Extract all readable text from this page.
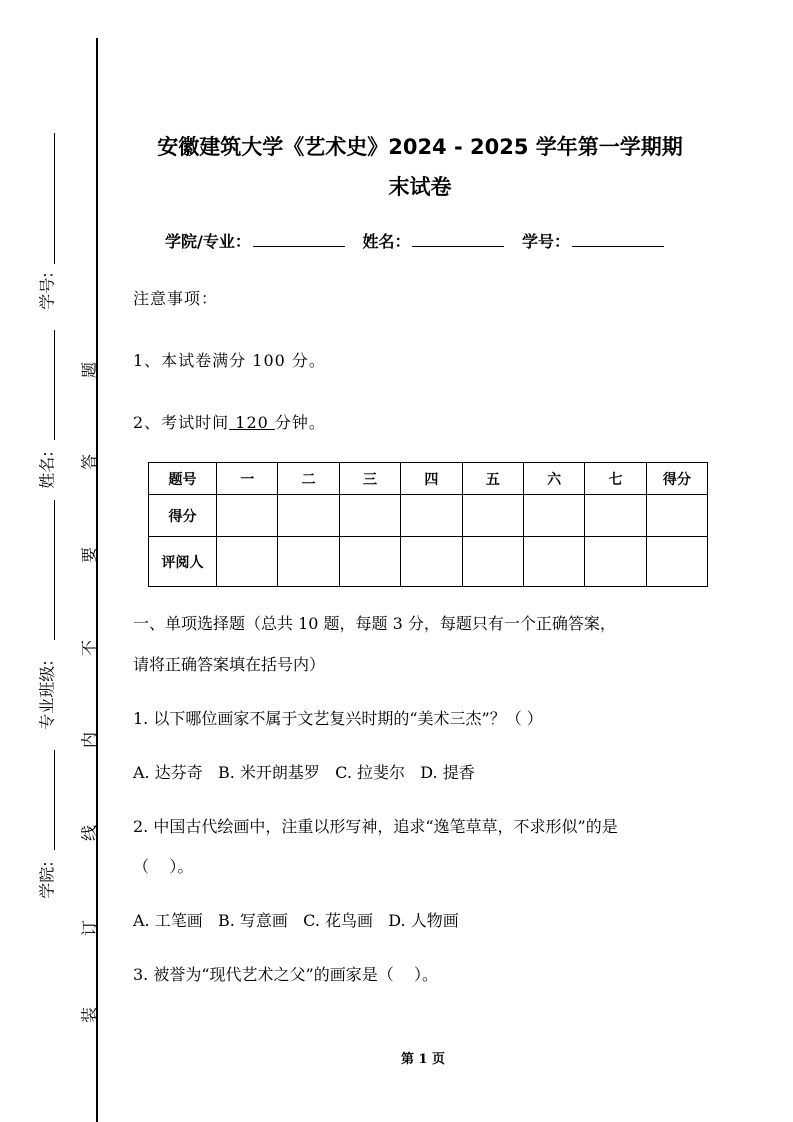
学号:
姓名:
专业班级:
学院:
题
答
要
不
内
线
订
装
安徽建筑大学《艺术史》2024 - 2025 学年第一学期期
末试卷
学院/专业：	姓名：	学号：
注意事项：
1、本试卷满分 100 分。
2、考试时间 120 分钟。
题号	一	二	三	四	五	六	七	得分
得分								
评阅人								
一、单项选择题（总共 10 题，每题 3 分，每题只有一个正确答案，
请将正确答案填在括号内）
1. 以下哪位画家不属于文艺复兴时期的“美术三杰”？（ ）
A. 达芬奇   B. 米开朗基罗   C. 拉斐尔   D. 提香
2. 中国古代绘画中，注重以形写神，追求“逸笔草草，不求形似”的是
（    ）。
A. 工笔画   B. 写意画   C. 花鸟画   D. 人物画
3. 被誉为“现代艺术之父”的画家是（    ）。
第 1 页
